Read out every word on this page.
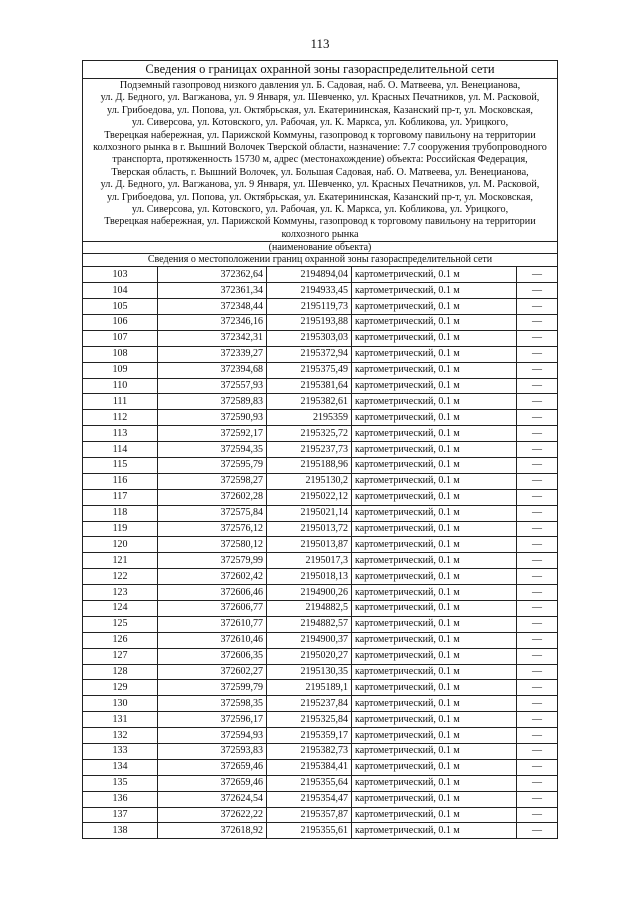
113
Сведения о границах охранной зоны газораспределительной сети
Подземный газопровод низкого давления ул. Б. Садовая, наб. О. Матвеева, ул. Венецианова,
ул. Д. Бедного, ул. Вагжанова, ул. 9 Января, ул. Шевченко, ул. Красных Печатников, ул. М. Расковой,
ул. Грибоедова, ул. Попова, ул. Октябрьская, ул. Екатерининская, Казанский пр-т, ул. Московская,
ул. Сиверсова, ул. Котовского, ул. Рабочая, ул. К. Маркса, ул. Кобликова, ул. Урицкого,
Тверецкая набережная, ул. Парижской Коммуны, газопровод к торговому павильону на территории
колхозного рынка в г. Вышний Волочек Тверской области, назначение: 7.7 сооружения трубопроводного
транспорта, протяженность 15730 м, адрес (местонахождение) объекта: Российская Федерация,
Тверская область, г. Вышний Волочек, ул. Большая Садовая, наб. О. Матвеева, ул. Венецианова,
ул. Д. Бедного, ул. Вагжанова, ул. 9 Января, ул. Шевченко, ул. Красных Печатников, ул. М. Расковой,
ул. Грибоедова, ул. Попова, ул. Октябрьская, ул. Екатерининская, Казанский пр-т, ул. Московская,
ул. Сиверсова, ул. Котовского, ул. Рабочая, ул. К. Маркса, ул. Кобликова, ул. Урицкого,
Тверецкая набережная, ул. Парижской Коммуны, газопровод к торговому павильону на территории
колхозного рынка
(наименование объекта)
Сведения о местоположении границ охранной зоны газораспределительной сети
103	372362,64	2194894,04	картометрический, 0.1 м	—
104	372361,34	2194933,45	картометрический, 0.1 м	—
105	372348,44	2195119,73	картометрический, 0.1 м	—
106	372346,16	2195193,88	картометрический, 0.1 м	—
107	372342,31	2195303,03	картометрический, 0.1 м	—
108	372339,27	2195372,94	картометрический, 0.1 м	—
109	372394,68	2195375,49	картометрический, 0.1 м	—
110	372557,93	2195381,64	картометрический, 0.1 м	—
111	372589,83	2195382,61	картометрический, 0.1 м	—
112	372590,93	2195359	картометрический, 0.1 м	—
113	372592,17	2195325,72	картометрический, 0.1 м	—
114	372594,35	2195237,73	картометрический, 0.1 м	—
115	372595,79	2195188,96	картометрический, 0.1 м	—
116	372598,27	2195130,2	картометрический, 0.1 м	—
117	372602,28	2195022,12	картометрический, 0.1 м	—
118	372575,84	2195021,14	картометрический, 0.1 м	—
119	372576,12	2195013,72	картометрический, 0.1 м	—
120	372580,12	2195013,87	картометрический, 0.1 м	—
121	372579,99	2195017,3	картометрический, 0.1 м	—
122	372602,42	2195018,13	картометрический, 0.1 м	—
123	372606,46	2194900,26	картометрический, 0.1 м	—
124	372606,77	2194882,5	картометрический, 0.1 м	—
125	372610,77	2194882,57	картометрический, 0.1 м	—
126	372610,46	2194900,37	картометрический, 0.1 м	—
127	372606,35	2195020,27	картометрический, 0.1 м	—
128	372602,27	2195130,35	картометрический, 0.1 м	—
129	372599,79	2195189,1	картометрический, 0.1 м	—
130	372598,35	2195237,84	картометрический, 0.1 м	—
131	372596,17	2195325,84	картометрический, 0.1 м	—
132	372594,93	2195359,17	картометрический, 0.1 м	—
133	372593,83	2195382,73	картометрический, 0.1 м	—
134	372659,46	2195384,41	картометрический, 0.1 м	—
135	372659,46	2195355,64	картометрический, 0.1 м	—
136	372624,54	2195354,47	картометрический, 0.1 м	—
137	372622,22	2195357,87	картометрический, 0.1 м	—
138	372618,92	2195355,61	картометрический, 0.1 м	—
